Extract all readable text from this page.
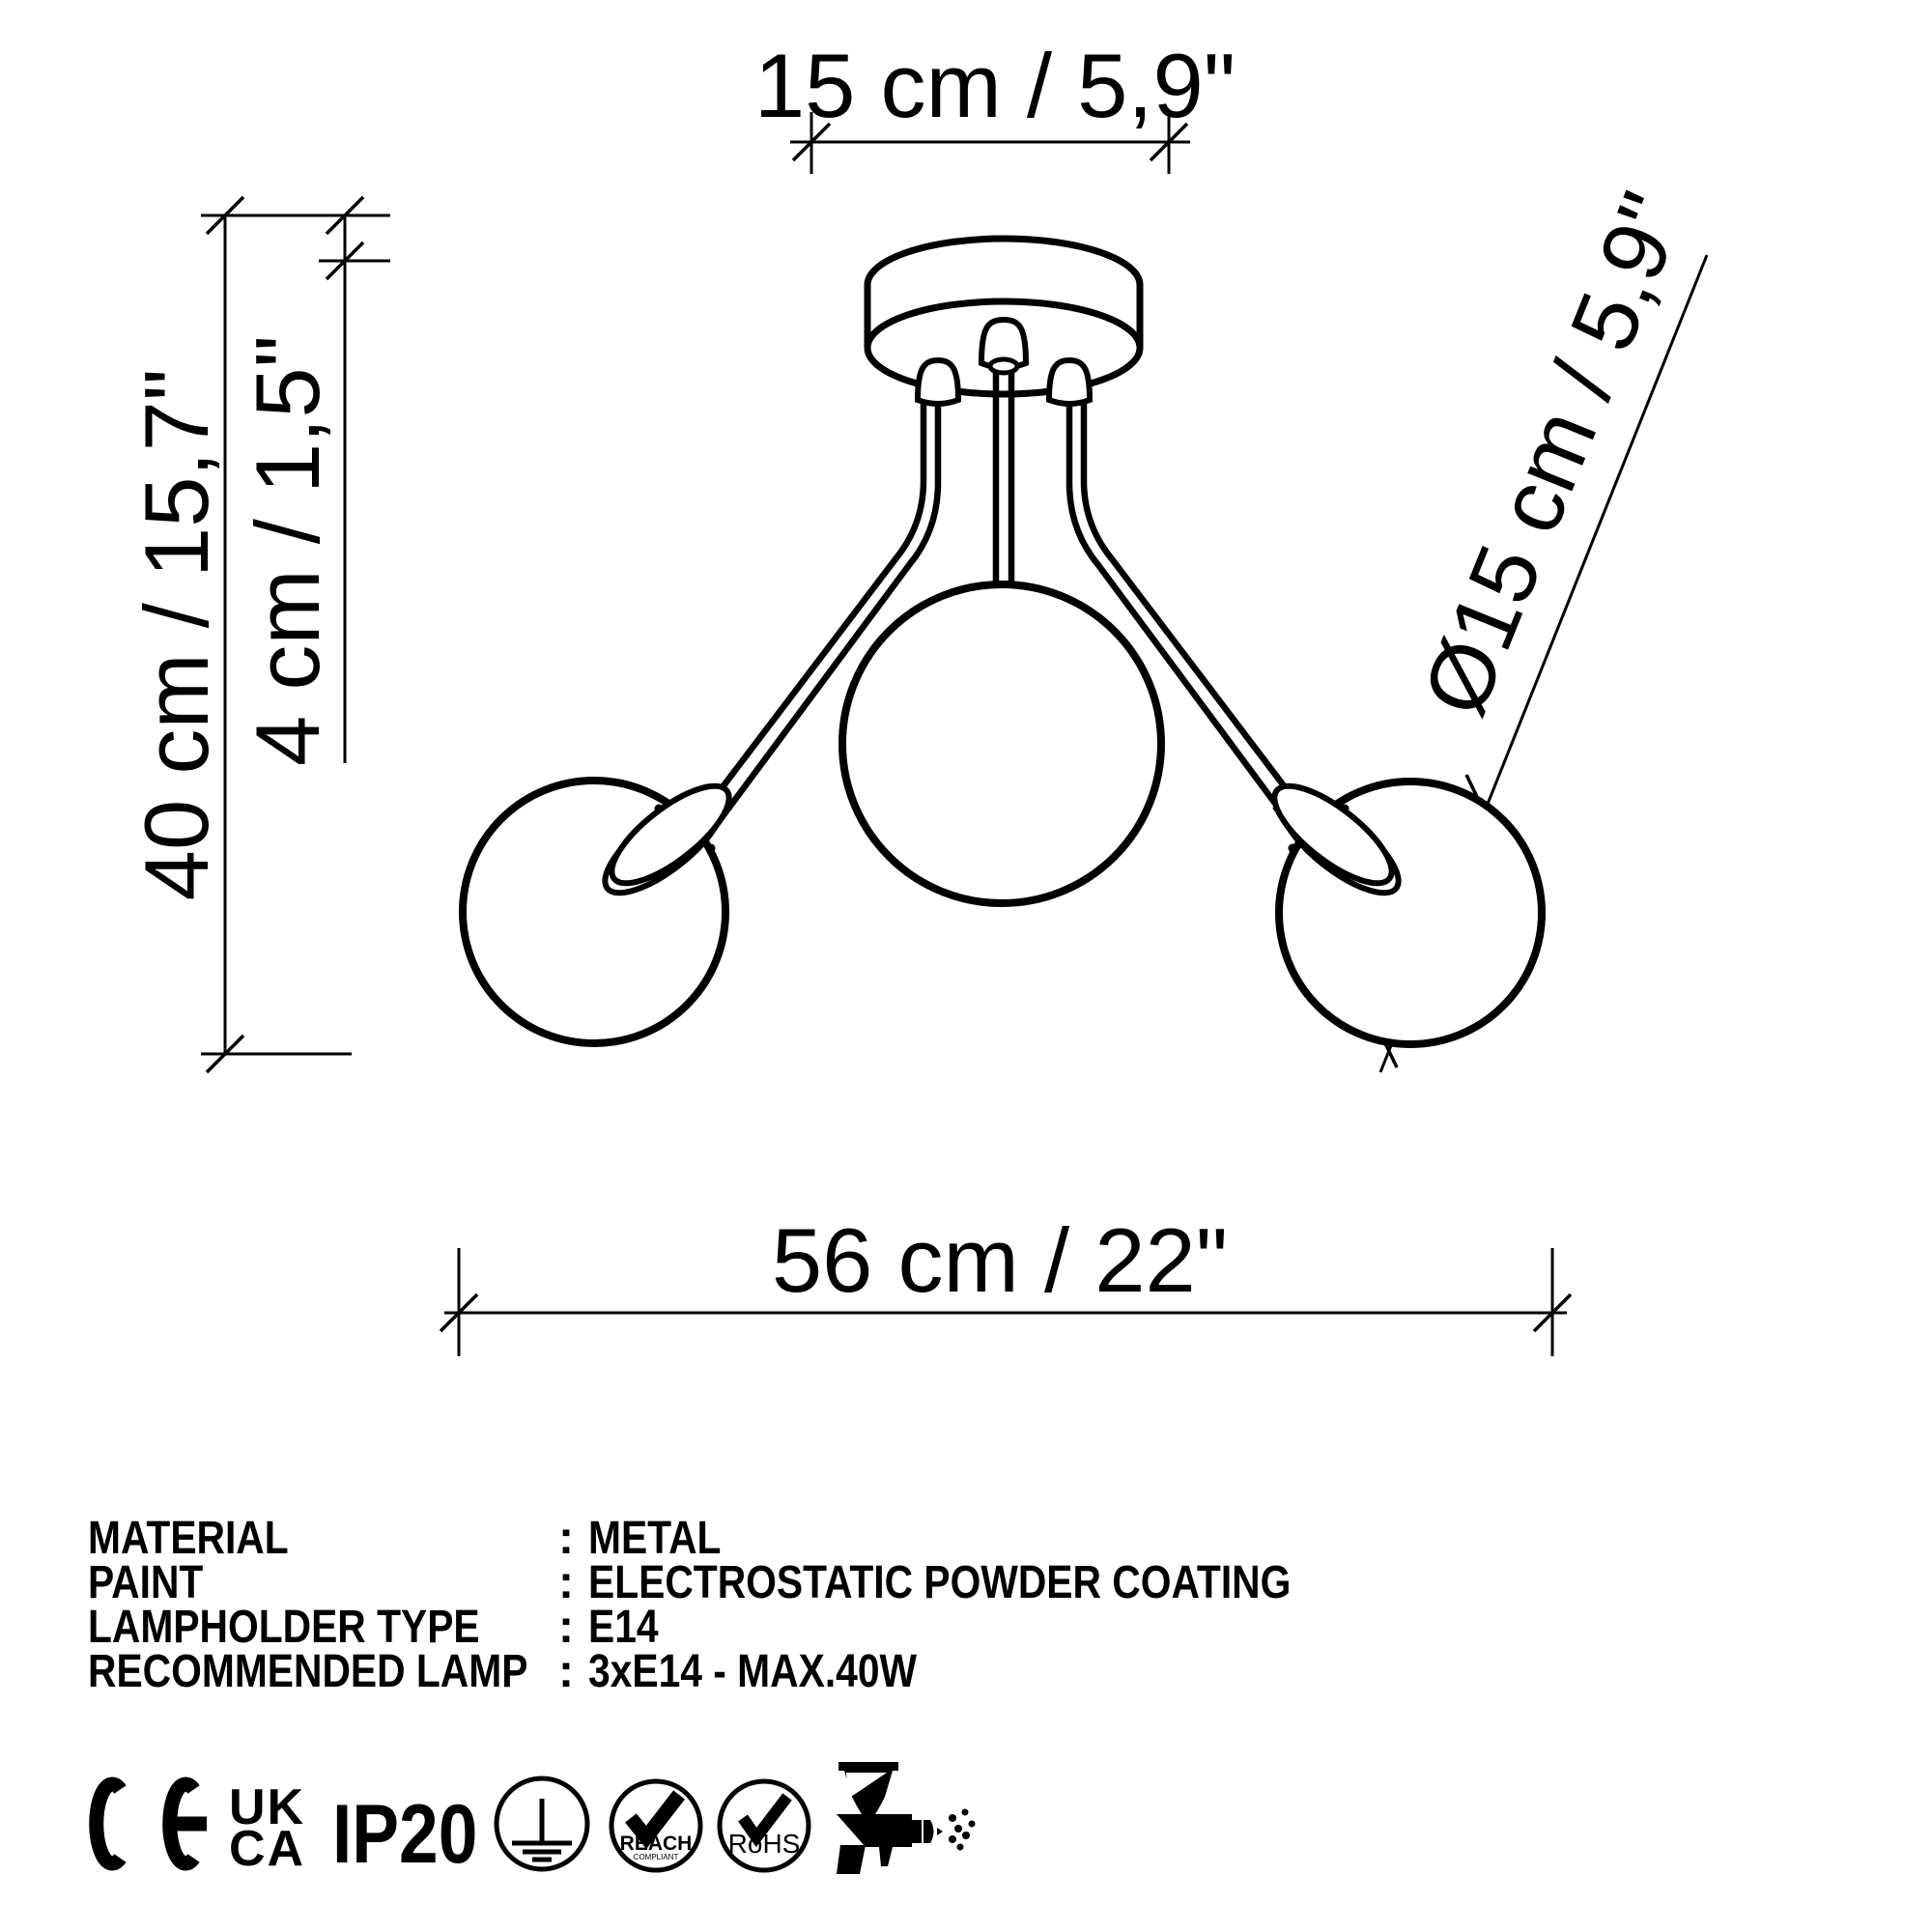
15 cm / 5,9"
40 cm / 15,7" 4 cm / 1,5"
56 cm / 22"
Ø15 cm / 5,9"
MATERIAL	: METAL
PAINT	: ELECTROSTATIC POWDER COATING
LAMPHOLDER TYPE : E14
RECOMMENDED LAMP : 3xE14 - MAX.40W
UK
CA IP20	REACH
COMPLIANT RoHS
